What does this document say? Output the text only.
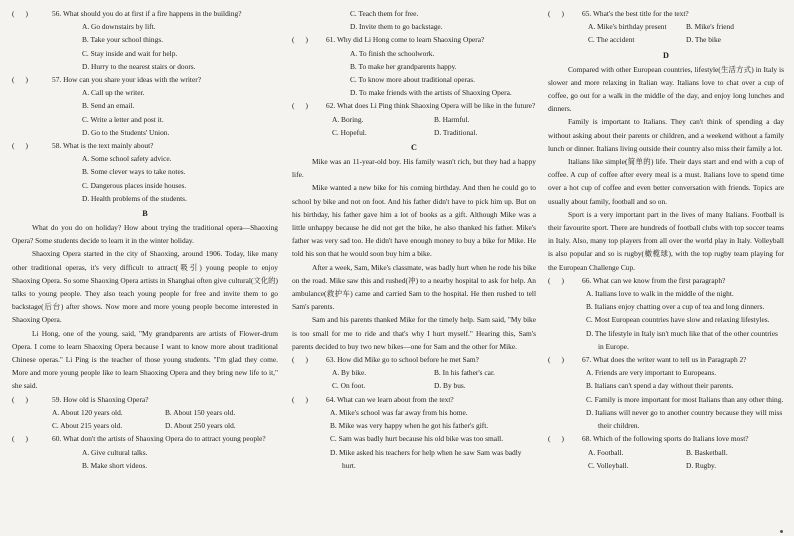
(      )	56. What should you do at first if a fire happens in the building?
A. Go downstairs by lift.
B. Take your school things.
C. Stay inside and wait for help.
D. Hurry to the nearest stairs or doors.
(      )	57. How can you share your ideas with the writer?
A. Call up the writer.
B. Send an email.
C. Write a letter and post it.
D. Go to the Students' Union.
(      )	58. What is the text mainly about?
A. Some school safety advice.
B. Some clever ways to take notes.
C. Dangerous places inside houses.
D. Health problems of the students.
B

What do you do on holiday? How about trying the traditional opera—Shaoxing Opera? Some students decide to learn it in the winter holiday.

Shaoxing Opera started in the city of Shaoxing, around 1906. Today, like many other traditional operas, it's very difficult to attract(吸引) young people to enjoy Shaoxing Opera. So some Shaoxing Opera artists in Shanghai often give cultural(文化的) talks to young people. They also teach young people for free and invite them to go backstage(后台) after shows. Now more and more young people become interested in Shaoxing Opera.

Li Hong, one of the young, said, "My grandparents are artists of Flower-drum Opera. I come to learn Shaoxing Opera because I want to know more about traditional Chinese operas." Li Ping is the teacher of those young students. "I'm glad they come. More and more young people like to learn Shaoxing Opera and they bring new life to it," she said.

(      )	59. How old is Shaoxing Opera?
A. About 120 years old.	B. About 150 years old.
C. About 215 years old.	D. About 250 years old.
(      )	60. What don't the artists of Shaoxing Opera do to attract young people?
A. Give cultural talks.
B. Make short videos.
C. Teach them for free.
D. Invite them to go backstage.
(      )	61. Why did Li Hong come to learn Shaoxing Opera?
A. To finish the schoolwork.
B. To make her grandparents happy.
C. To know more about traditional operas.
D. To make friends with the artists of Shaoxing Opera.
(      )	62. What does Li Ping think Shaoxing Opera will be like in the future?
A. Boring.	B. Harmful.
C. Hopeful.	D. Traditional.
C

Mike was an 11-year-old boy. His family wasn't rich, but they had a happy life.

Mike wanted a new bike for his coming birthday. And then he could go to school by bike and not on foot. And his father didn't have to pick him up. But on his birthday, his father gave him a lot of books as a gift. Although Mike was a little unhappy because he did not get the bike, he also thanked his father. Mike's father was very sad too. He didn't have enough money to buy a bike for Mike. He told his son that he would soon buy him a bike.

After a week, Sam, Mike's classmate, was badly hurt when he rode his bike on the road. Mike saw this and rushed(冲) to a nearby hospital to ask for help. An ambulance(救护车) came and carried Sam to the hospital. He then rushed to tell Sam's parents.

Sam and his parents thanked Mike for the timely help. Sam said, "My bike is too small for me to ride and that's why I hurt myself." Hearing this, Sam's parents decided to buy two new bikes—one for Sam and the other for Mike.

(      )	63. How did Mike go to school before he met Sam?
A. By bike.	B. In his father's car.
C. On foot.	D. By bus.
(      )	64. What can we learn about from the text?
A. Mike's school was far away from his home.
B. Mike was very happy when he got his father's gift.
C. Sam was badly hurt because his old bike was too small.
D. Mike asked his teachers for help when he saw Sam was badly hurt.
(      )	65. What's the best title for the text?
A. Mike's birthday present	B. Mike's friend
C. The accident	D. The bike
D

Compared with other European countries, lifestyle(生活方式) in Italy is slower and more relaxing in Italian way. Italians love to chat over a cup of coffee, go out for a walk in the middle of the day, and enjoy long lunches and dinners.

Family is important to Italians. They can't think of spending a day without asking about their parents or children, and a weekend without a family lunch or dinner. Italians living outside their country also miss their family a lot.

Italians like simple(简单的) life. Their days start and end with a cup of coffee. A cup of coffee after every meal is a must. Italians love to spend time over a hot cup of coffee and even better conversation with friends. Topics are usually about family, football and so on.

Sport is a very important part in the lives of many Italians. Football is their favourite sport. There are hundreds of football clubs with top soccer teams in Italy. Also, many top players from all over the world play in Italy. Volleyball is also popular and so is rugby(橄榄球), with the top rugby team playing for the European Challenge Cup.

(      )	66. What can we know from the first paragraph?
A. Italians love to walk in the middle of the night.
B. Italians enjoy chatting over a cup of tea and long dinners.
C. Most European countries have slow and relaxing lifestyles.
D. The lifestyle in Italy isn't much like that of the other countries in Europe.
(      )	67. What does the writer want to tell us in Paragraph 2?
A. Friends are very important to Europeans.
B. Italians can't spend a day without their parents.
C. Family is more important for most Italians than any other thing.
D. Italians will never go to another country because they will miss their children.
(      )	68. Which of the following sports do Italians love most?
A. Football.	B. Basketball.
C. Volleyball.	D. Rugby.
